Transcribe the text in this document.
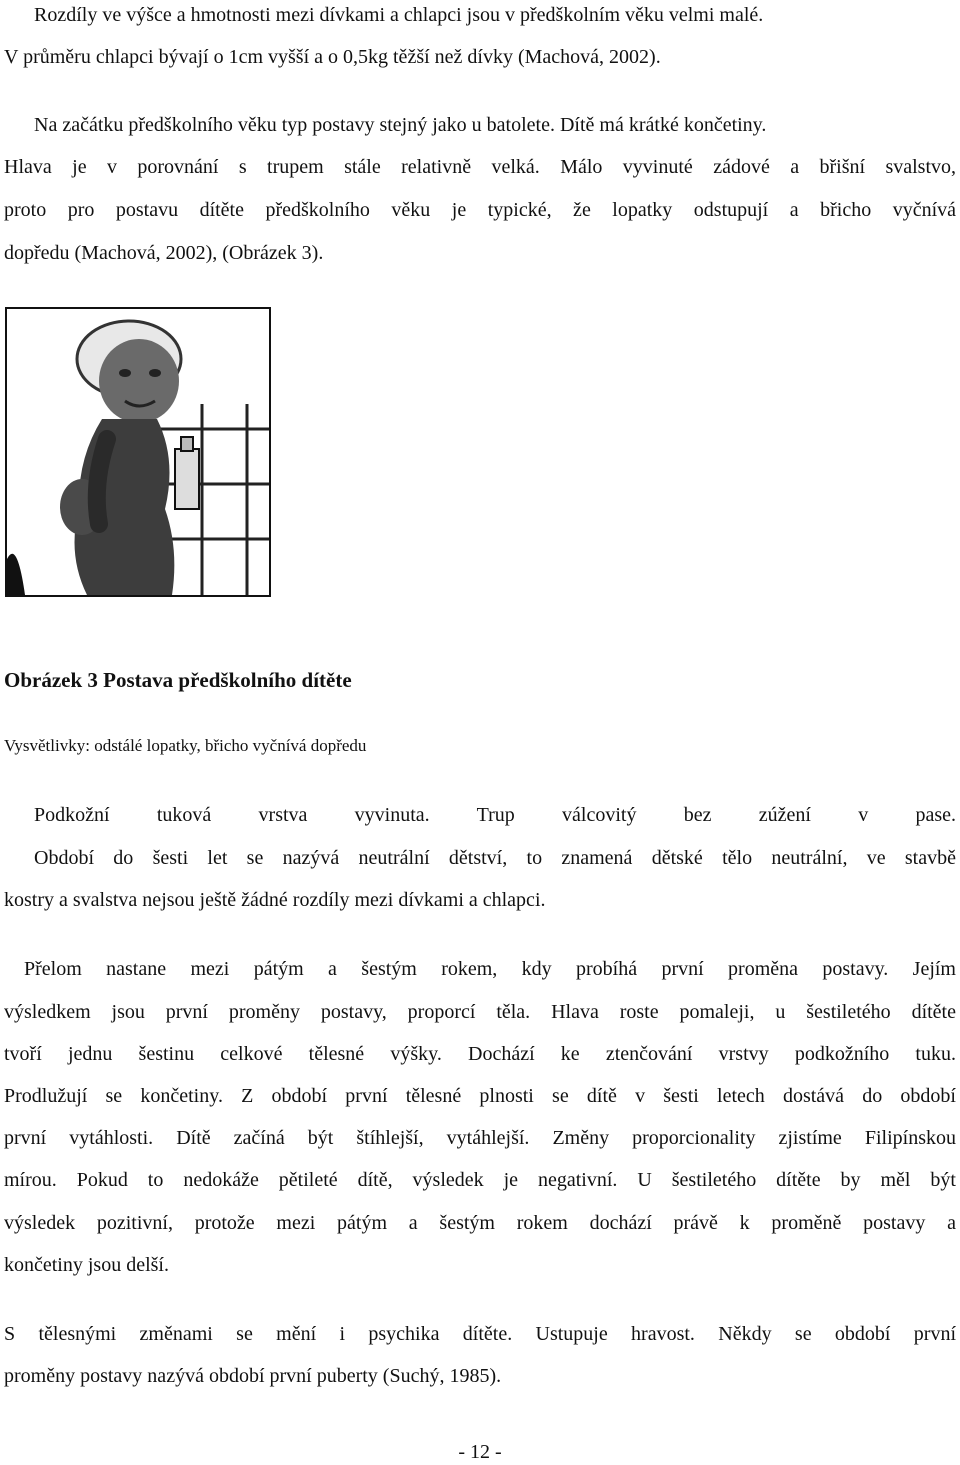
Rozdíly ve výšce a hmotnosti mezi dívkami a chlapci jsou v předškolním věku velmi malé.
V průměru chlapci bývají o 1cm vyšší a o 0,5kg těžší než dívky (Machová, 2002).
Na začátku předškolního věku typ postavy stejný jako u batolete. Dítě má krátké končetiny.
Hlava je v porovnání s trupem stále relativně velká. Málo vyvinuté zádové a břišní svalstvo,
proto pro postavu dítěte předškolního věku je typické, že lopatky odstupují a břicho vyčnívá
dopředu (Machová, 2002), (Obrázek 3).
Obrázek 3 Postava předškolního dítěte
Vysvětlivky: odstálé lopatky, břicho vyčnívá dopředu
Podkožní tuková vrstva vyvinuta. Trup válcovitý bez zúžení v pase.
Období do šesti let se nazývá neutrální dětství, to znamená dětské tělo neutrální, ve stavbě
kostry a svalstva nejsou ještě žádné rozdíly mezi dívkami a chlapci.
Přelom nastane mezi pátým a šestým rokem, kdy probíhá první proměna postavy. Jejím
výsledkem jsou první proměny postavy, proporcí těla. Hlava roste pomaleji, u šestiletého dítěte
tvoří jednu šestinu celkové tělesné výšky. Dochází ke ztenčování vrstvy podkožního tuku.
Prodlužují se končetiny. Z období první tělesné plnosti se dítě v šesti letech dostává do období
první vytáhlosti. Dítě začíná být štíhlejší, vytáhlejší. Změny proporcionality zjistíme Filipínskou
mírou. Pokud to nedokáže pětileté dítě, výsledek je negativní. U šestiletého dítěte by měl být
výsledek pozitivní, protože mezi pátým a šestým rokem dochází právě k proměně postavy a
končetiny jsou delší.
S tělesnými změnami se mění i psychika dítěte. Ustupuje hravost. Někdy se období první
proměny postavy nazývá období první puberty (Suchý, 1985).
- 12 -
